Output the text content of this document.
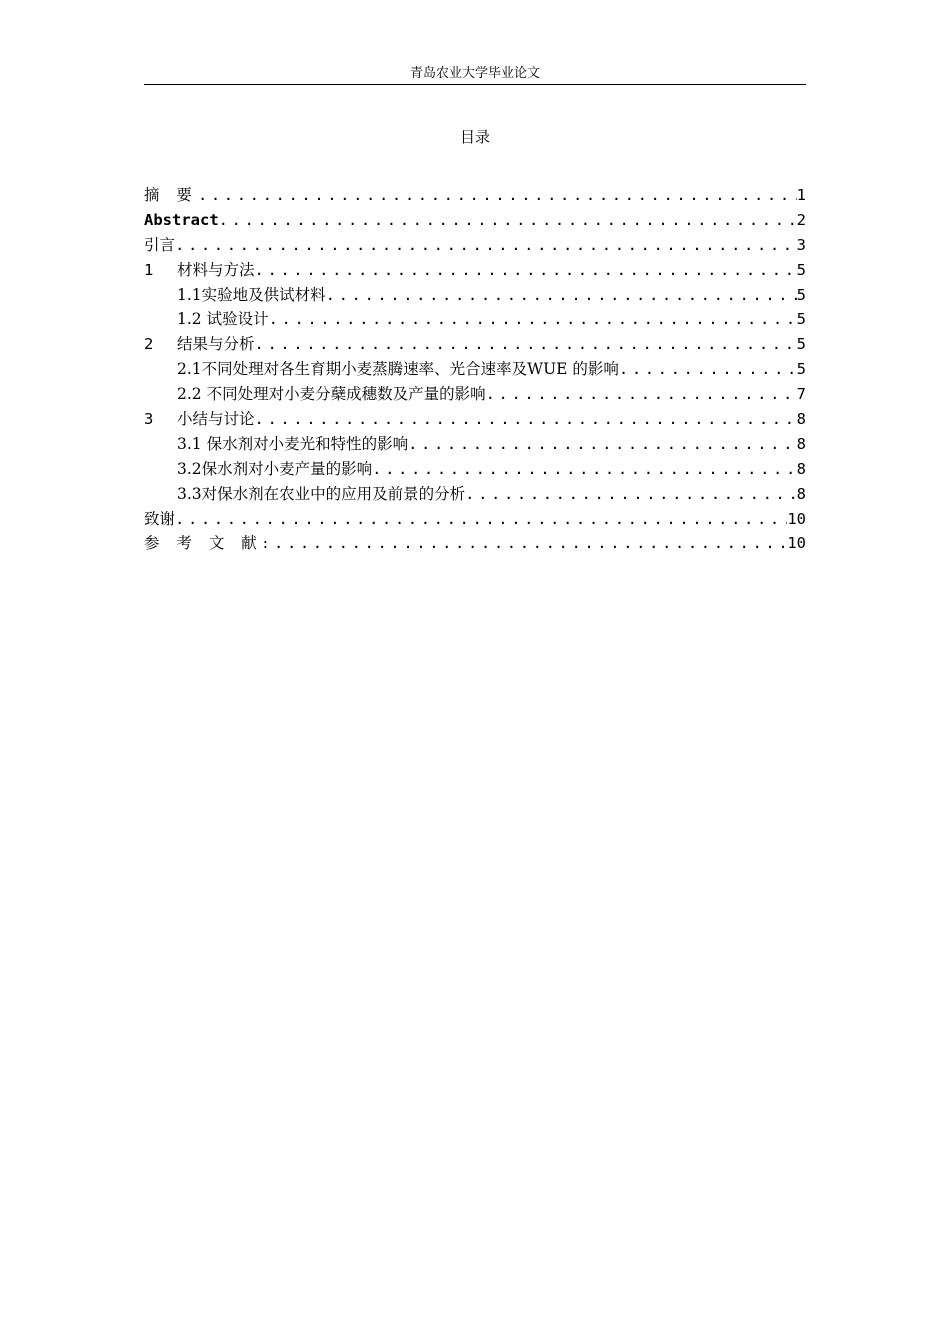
青岛农业大学毕业论文
目录
摘 要 .....	1
Abstract .....	2
引言 .....	3
1	材料与方法 .....	5
1.1实验地及供试材料 .....	5
1.2 试验设计 .....	5
2	结果与分析 .....	5
2.1不同处理对各生育期小麦蒸腾速率、光合速率及WUE 的影响 .....	5
2.2 不同处理对小麦分蘖成穗数及产量的影响 .....	7
3	小结与讨论 .....	8
3.1 保水剂对小麦光和特性的影响 .....	8
3.2保水剂对小麦产量的影响 .....	8
3.3对保水剂在农业中的应用及前景的分析 .....	8
致谢 .....	10
参 考 文 献: .....	10
